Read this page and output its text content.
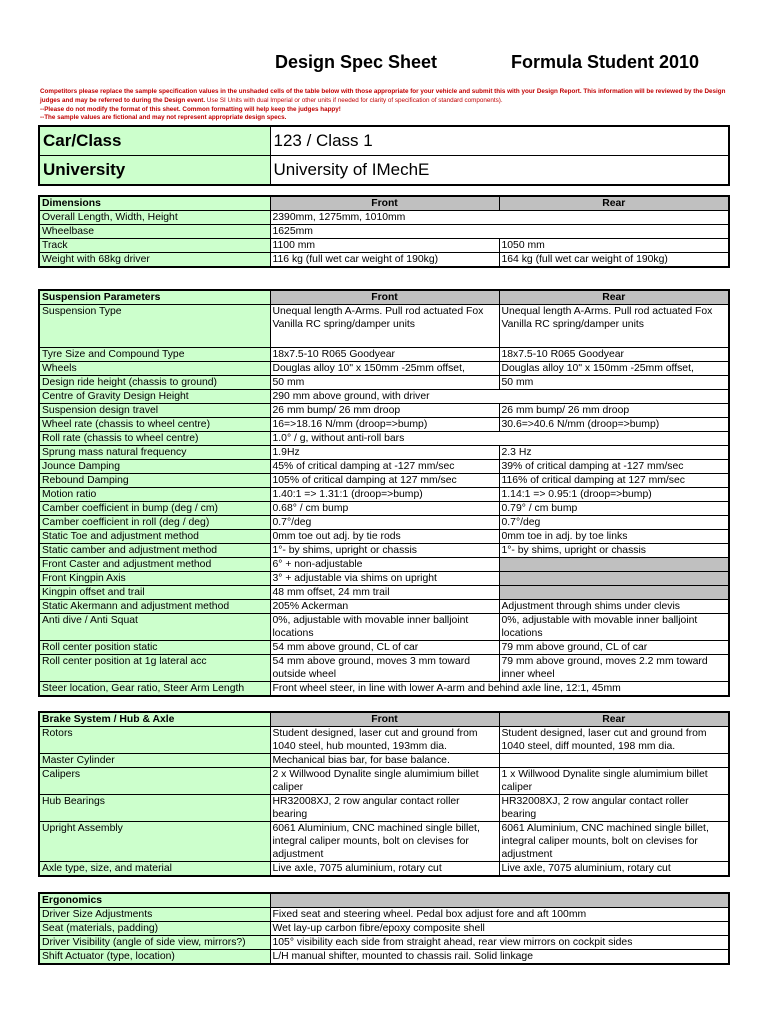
Design Spec Sheet	Formula Student 2010
Competitors please replace the sample specification values in the unshaded cells of the table below with those appropriate for your vehicle and submit this with your Design Report. This information will be reviewed by the Design judges and may be referred to during the Design event. Use SI Units with dual Imperial or other units if needed for clarity of specification of standard components).
--Please do not modify the format of this sheet. Common formatting will help keep the judges happy!
--The sample values are fictional and may not represent appropriate design specs.
Car/Class	123 / Class 1
University	University of IMechE
Dimensions	Front	Rear
Overall Length, Width, Height	2390mm, 1275mm, 1010mm	
Wheelbase	1625mm	
Track	1100 mm	1050 mm
Weight with 68kg driver	116 kg (full wet car weight of 190kg)	164 kg (full wet car weight of 190kg)
Suspension Parameters	Front	Rear
Suspension Type	Unequal length A-Arms. Pull rod actuated Fox Vanilla RC spring/damper units	Unequal length A-Arms. Pull rod actuated Fox Vanilla RC spring/damper units
Tyre Size and Compound Type	18x7.5-10 R065 Goodyear	18x7.5-10 R065 Goodyear
Wheels	Douglas alloy 10" x 150mm -25mm offset,	Douglas alloy 10" x 150mm -25mm offset,
Design ride height (chassis to ground)	50 mm	50 mm
Centre of Gravity Design Height	290 mm above ground, with driver	
Suspension design travel	26 mm bump/ 26 mm droop	26 mm bump/ 26 mm droop
Wheel rate (chassis to wheel centre)	16=>18.16 N/mm (droop=>bump)	30.6=>40.6 N/mm (droop=>bump)
Roll rate (chassis to wheel centre)	1.0° / g, without anti-roll bars	
Sprung mass natural frequency	1.9Hz	2.3 Hz
Jounce Damping	45% of critical damping at -127 mm/sec	39% of critical damping at -127 mm/sec
Rebound Damping	105% of critical damping at 127 mm/sec	116% of critical damping at 127 mm/sec
Motion ratio	1.40:1 => 1.31:1 (droop=>bump)	1.14:1 => 0.95:1 (droop=>bump)
Camber coefficient in bump (deg / cm)	0.68° / cm bump	0.79° / cm bump
Camber coefficient in roll (deg / deg)	0.7°/deg	0.7°/deg
Static Toe and adjustment method	0mm toe out adj. by tie rods	0mm toe in adj. by toe links
Static camber and adjustment method	1°- by shims, upright or chassis	1°- by shims, upright or chassis
Front Caster and adjustment method	6° + non-adjustable	
Front Kingpin Axis	3° + adjustable via shims on upright	
Kingpin offset and trail	48 mm offset, 24 mm trail	
Static Akermann and adjustment method	205% Ackerman	Adjustment through shims under clevis
Anti dive / Anti Squat	0%, adjustable with movable inner balljoint locations	0%, adjustable with movable inner balljoint locations
Roll center position static	54 mm above ground, CL of car	79 mm above ground, CL of car
Roll center position at 1g lateral acc	54 mm above ground, moves 3 mm toward outside wheel	79 mm above ground, moves 2.2 mm toward inner wheel
Steer location, Gear ratio, Steer Arm Length	Front wheel steer, in line with lower A-arm and behind axle line, 12:1, 45mm	
Brake System / Hub & Axle	Front	Rear
Rotors	Student designed, laser cut and ground from 1040 steel, hub mounted, 193mm dia.	Student designed, laser cut and ground from 1040 steel, diff mounted, 198 mm dia.
Master Cylinder	Mechanical bias bar, for base balance.	
Calipers	2 x Willwood Dynalite single alumimium billet caliper	1 x Willwood Dynalite single alumimium billet caliper
Hub Bearings	HR32008XJ, 2 row angular contact roller bearing	HR32008XJ, 2 row angular contact roller bearing
Upright Assembly	6061 Aluminium, CNC machined single billet, integral caliper mounts, bolt on clevises for adjustment	6061 Aluminium, CNC machined single billet, integral caliper mounts, bolt on clevises for adjustment
Axle type, size, and material	Live axle, 7075 aluminium, rotary cut	Live axle, 7075 aluminium, rotary cut
Ergonomics	
Driver Size Adjustments	Fixed seat and steering wheel. Pedal box adjust fore and aft 100mm
Seat (materials, padding)	Wet lay-up carbon fibre/epoxy composite shell
Driver Visibility (angle of side view, mirrors?)	105° visibility each side from straight ahead, rear view mirrors on cockpit sides
Shift Actuator (type, location)	L/H manual shifter, mounted to chassis rail. Solid linkage
